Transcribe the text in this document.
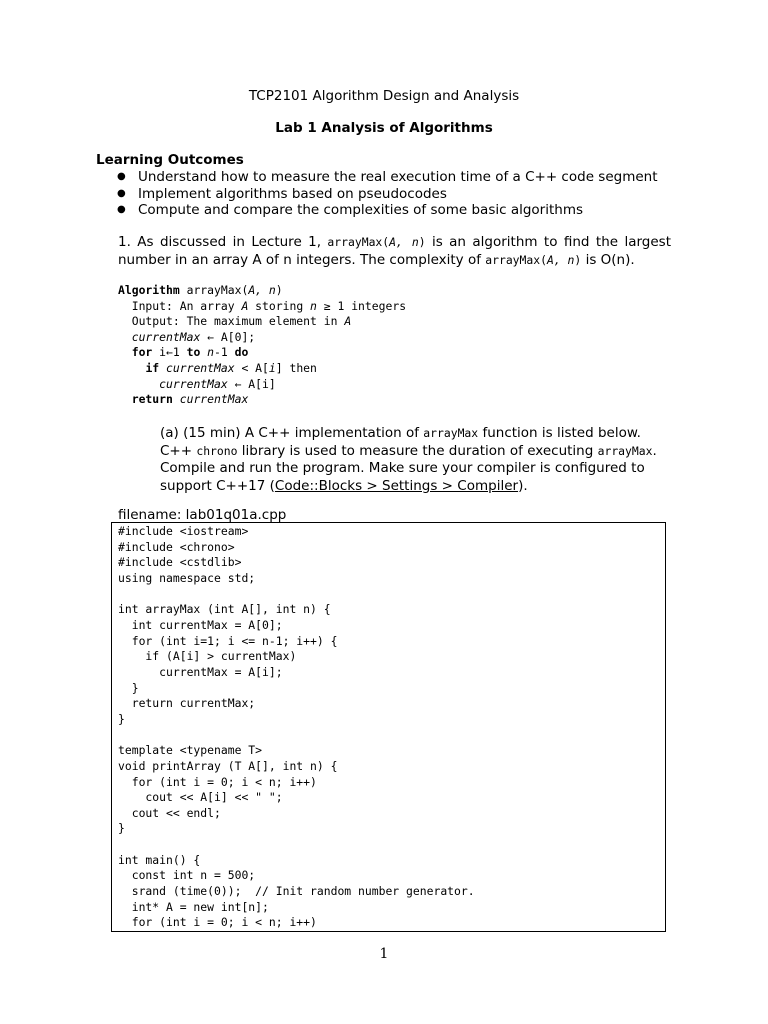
TCP2101 Algorithm Design and Analysis
Lab 1 Analysis of Algorithms
Learning Outcomes
● Understand how to measure the real execution time of a C++ code segment
● Implement algorithms based on pseudocodes
● Compute and compare the complexities of some basic algorithms
1. As discussed in Lecture 1, arrayMax(A, n) is an algorithm to find the largest number in an array A of n integers. The complexity of arrayMax(A, n) is O(n).
Algorithm arrayMax(A, n)
Input: An array A storing n ≥ 1 integers
Output: The maximum element in A
currentMax ← A[0];
for i←1 to n-1 do
if currentMax < A[i] then
currentMax ← A[i]
return currentMax
(a) (15 min) A C++ implementation of arrayMax function is listed below. C++ chrono library is used to measure the duration of executing arrayMax. Compile and run the program. Make sure your compiler is configured to support C++17 (Code::Blocks > Settings > Compiler).
filename: lab01q01a.cpp
#include <iostream>
#include <chrono>
#include <cstdlib>
using namespace std;

int arrayMax (int A[], int n) {
int currentMax = A[0];
for (int i=1; i <= n-1; i++) {
if (A[i] > currentMax)
currentMax = A[i];
}
return currentMax;
}

template <typename T>
void printArray (T A[], int n) {
for (int i = 0; i < n; i++)
cout << A[i] << " ";
cout << endl;
}

int main() {
const int n = 500;
srand (time(0));  // Init random number generator.
int* A = new int[n];
for (int i = 0; i < n; i++)
1
